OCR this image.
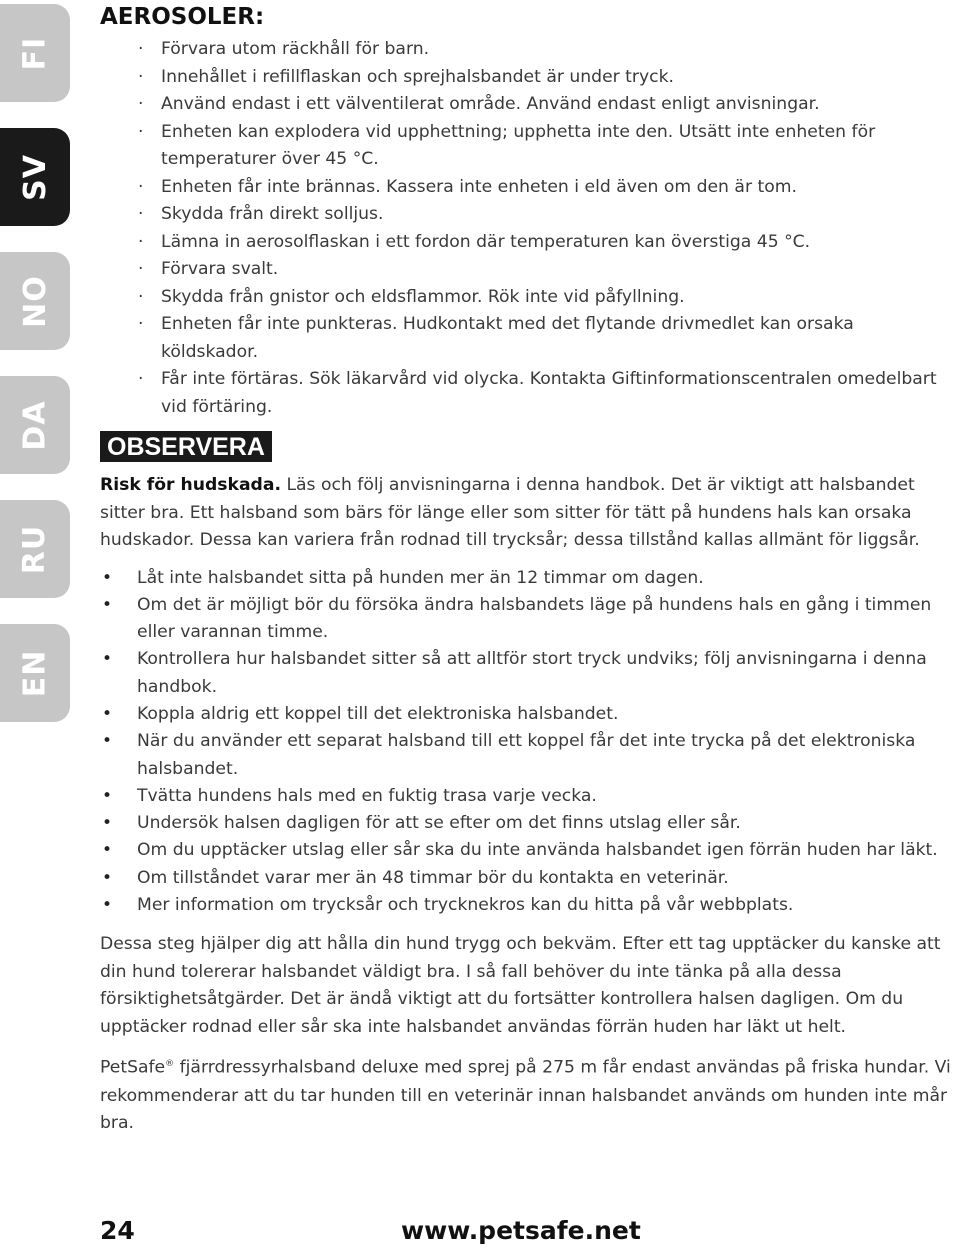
FI
SV
NO
DA
RU
EN
AEROSOLER:
· Förvara utom räckhåll för barn.
· Innehållet i refillflaskan och sprejhalsbandet är under tryck.
· Använd endast i ett välventilerat område. Använd endast enligt anvisningar.
· Enheten kan explodera vid upphettning; upphetta inte den. Utsätt inte enheten för temperaturer över 45 °C.
· Enheten får inte brännas. Kassera inte enheten i eld även om den är tom.
· Skydda från direkt solljus.
· Lämna in aerosolflaskan i ett fordon där temperaturen kan överstiga 45 °C.
· Förvara svalt.
· Skydda från gnistor och eldsflammor. Rök inte vid påfyllning.
· Enheten får inte punkteras. Hudkontakt med det flytande drivmedlet kan orsaka köldskador.
· Får inte förtäras. Sök läkarvård vid olycka. Kontakta Giftinformationscentralen omedelbart vid förtäring.
OBSERVERA

Risk för hudskada. Läs och följ anvisningarna i denna handbok. Det är viktigt att halsbandet sitter bra. Ett halsband som bärs för länge eller som sitter för tätt på hundens hals kan orsaka hudskador. Dessa kan variera från rodnad till trycksår; dessa tillstånd kallas allmänt för liggsår.

• Låt inte halsbandet sitta på hunden mer än 12 timmar om dagen.
• Om det är möjligt bör du försöka ändra halsbandets läge på hundens hals en gång i timmen eller varannan timme.
• Kontrollera hur halsbandet sitter så att alltför stort tryck undviks; följ anvisningarna i denna handbok.
• Koppla aldrig ett koppel till det elektroniska halsbandet.
• När du använder ett separat halsband till ett koppel får det inte trycka på det elektroniska halsbandet.
• Tvätta hundens hals med en fuktig trasa varje vecka.
• Undersök halsen dagligen för att se efter om det finns utslag eller sår.
• Om du upptäcker utslag eller sår ska du inte använda halsbandet igen förrän huden har läkt.
• Om tillståndet varar mer än 48 timmar bör du kontakta en veterinär.
• Mer information om trycksår och trycknekros kan du hitta på vår webbplats.

Dessa steg hjälper dig att hålla din hund trygg och bekväm. Efter ett tag upptäcker du kanske att din hund tolererar halsbandet väldigt bra. I så fall behöver du inte tänka på alla dessa försiktighetsåtgärder. Det är ändå viktigt att du fortsätter kontrollera halsen dagligen. Om du upptäcker rodnad eller sår ska inte halsbandet användas förrän huden har läkt ut helt.

PetSafe® fjärrdressyrhalsband deluxe med sprej på 275 m får endast användas på friska hundar. Vi rekommenderar att du tar hunden till en veterinär innan halsbandet används om hunden inte mår bra.

24	www.petsafe.net
